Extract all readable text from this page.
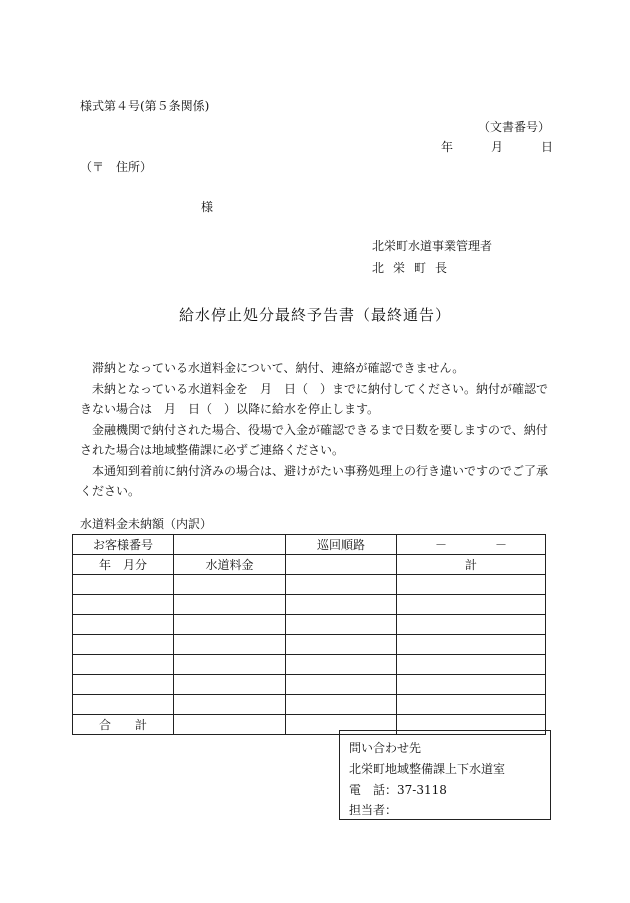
様式第４号(第５条関係)
（文書番号）
年	月	日
（〒　住所）
様
北栄町水道事業管理者
北栄町長
給水停止処分最終予告書（最終通告）

滞納となっている水道料金について、納付、連絡が確認できません。

未納となっている水道料金を　月　日（　）までに納付してください。納付が確認できない場合は　月　日（　）以降に給水を停止します。

金融機関で納付された場合、役場で入金が確認できるまで日数を要しますので、納付された場合は地域整備課に必ずご連絡ください。

本通知到着前に納付済みの場合は、避けがたい事務処理上の行き違いですのでご了承ください。

水道料金未納額（内訳）
お客様番号		巡回順路	－　　　　－
年　月分	水道料金		計

合　　計			
問い合わせ先
北栄町地域整備課上下水道室
電　話：37-3118
担当者：
